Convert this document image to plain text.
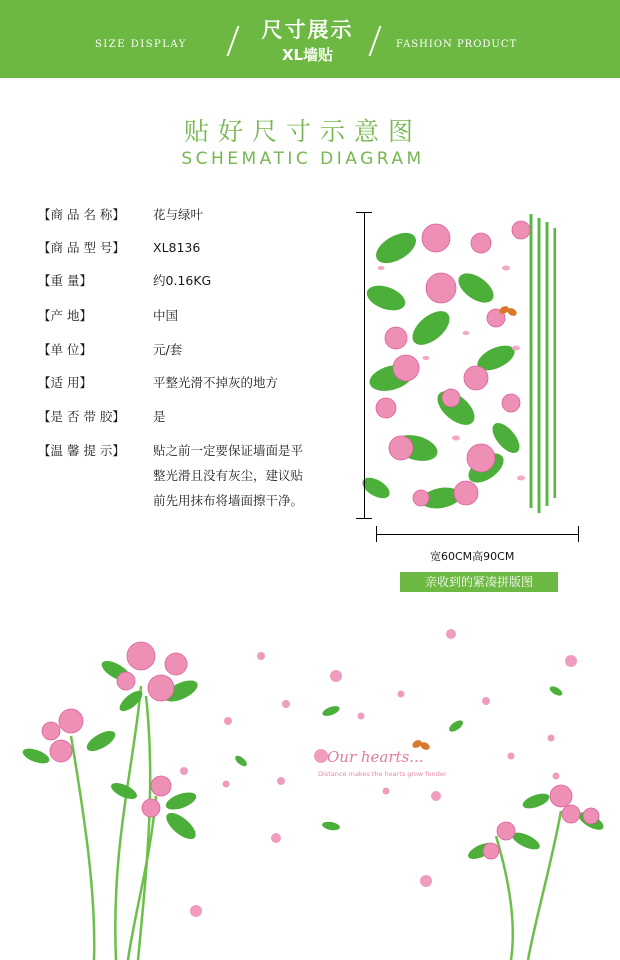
SIZE DISPLAY
尺寸展示
XL墙贴
FASHION PRODUCT
贴好尺寸示意图
SCHEMATIC DIAGRAM
【商 品 名 称】	花与绿叶
【商 品 型 号】	XL8136
【重 量】	约0.16KG
【产 地】	中国
【单 位】	元/套
【适 用】	平整光滑不掉灰的地方
【是 否 带 胶】	是
【温 馨 提 示】	贴之前一定要保证墙面是平整光滑且没有灰尘，建议贴前先用抹布将墙面擦干净。
宽60CM高90CM
亲收到的紧凑拼版图
Our hearts...
Distance makes the hearts grow fonder
